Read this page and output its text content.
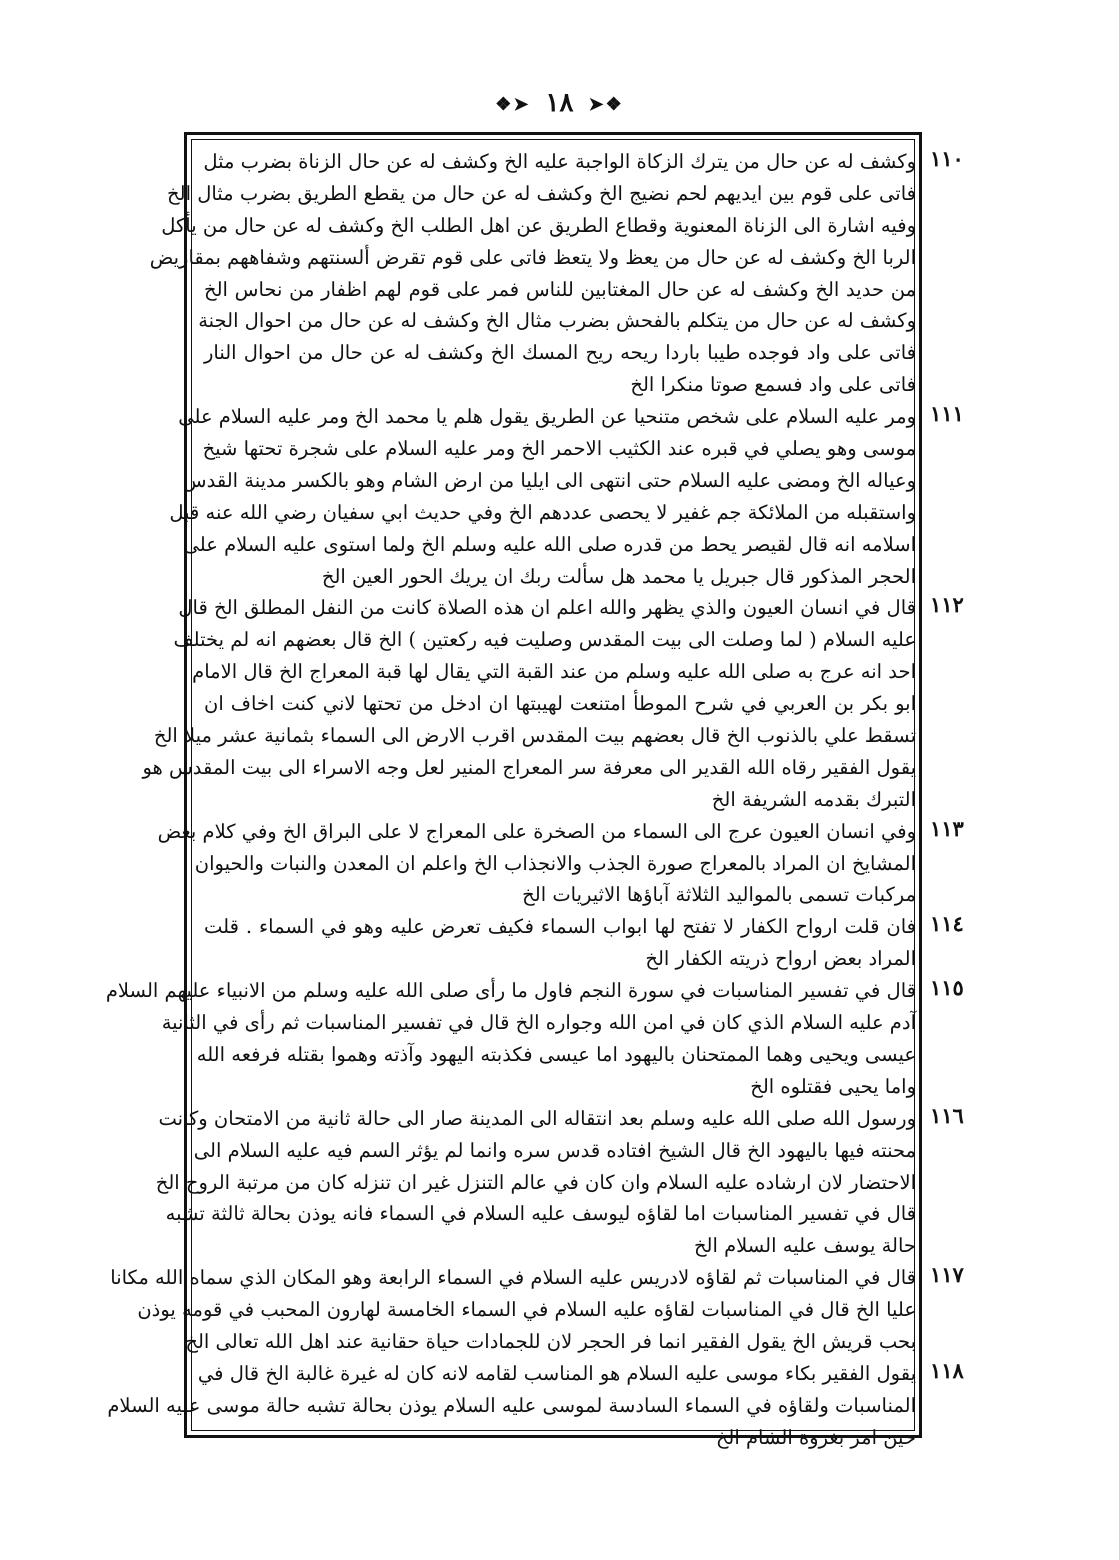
❖➤ ١٨ ➤❖
١١٠
وكشف له عن حال من يترك الزكاة الواجبة عليه الخ وكشف له عن حال الزناة بضرب مثل
فاتى على قوم بين ايديهم لحم نضيج الخ وكشف له عن حال من يقطع الطريق بضرب مثال الخ
وفيه اشارة الى الزناة المعنوية وقطاع الطريق عن اهل الطلب الخ وكشف له عن حال من يأكل
الربا الخ وكشف له عن حال من يعظ ولا يتعظ فاتى على قوم تقرض ألسنتهم وشفاههم بمقاريض
من حديد الخ وكشف له عن حال المغتابين للناس فمر على قوم لهم اظفار من نحاس الخ
وكشف له عن حال من يتكلم بالفحش بضرب مثال الخ وكشف له عن حال من احوال الجنة
فاتى على واد فوجده طيبا باردا ريحه ريح المسك الخ وكشف له عن حال من احوال النار
فاتى على واد فسمع صوتا منكرا الخ
١١١
ومر عليه السلام على شخص متنحيا عن الطريق يقول هلم يا محمد الخ ومر عليه السلام على
موسى وهو يصلي في قبره عند الكثيب الاحمر الخ ومر عليه السلام على شجرة تحتها شيخ
وعياله الخ ومضى عليه السلام حتى انتهى الى ايليا من ارض الشام وهو بالكسر مدينة القدس
واستقبله من الملائكة جم غفير لا يحصى عددهم الخ وفي حديث ابي سفيان رضي الله عنه قبل
اسلامه انه قال لقيصر يحط من قدره صلى الله عليه وسلم الخ ولما استوى عليه السلام على
الحجر المذكور قال جبريل يا محمد هل سألت ربك ان يريك الحور العين الخ
١١٢
قال في انسان العيون والذي يظهر والله اعلم ان هذه الصلاة كانت من النفل المطلق الخ قال
عليه السلام ( لما وصلت الى بيت المقدس وصليت فيه ركعتين ) الخ قال بعضهم انه لم يختلف
احد انه عرج به صلى الله عليه وسلم من عند القبة التي يقال لها قبة المعراج الخ قال الامام
ابو بكر بن العربي في شرح الموطأ امتنعت لهيبتها ان ادخل من تحتها لاني كنت اخاف ان
تسقط علي بالذنوب الخ قال بعضهم بيت المقدس اقرب الارض الى السماء بثمانية عشر ميلا الخ
يقول الفقير رقاه الله القدير الى معرفة سر المعراج المنير لعل وجه الاسراء الى بيت المقدس هو
التبرك بقدمه الشريفة الخ
١١٣
وفي انسان العيون عرج الى السماء من الصخرة على المعراج لا على البراق الخ وفي كلام بعض
المشايخ ان المراد بالمعراج صورة الجذب والانجذاب الخ واعلم ان المعدن والنبات والحيوان
مركبات تسمى بالمواليد الثلاثة آباؤها الاثيريات الخ
١١٤
فان قلت ارواح الكفار لا تفتح لها ابواب السماء فكيف تعرض عليه وهو في السماء . قلت
المراد بعض ارواح ذريته الكفار الخ
١١٥
قال في تفسير المناسبات في سورة النجم فاول ما رأى صلى الله عليه وسلم من الانبياء عليهم السلام
آدم عليه السلام الذي كان في امن الله وجواره الخ قال في تفسير المناسبات ثم رأى في الثانية
عيسى ويحيى وهما الممتحنان باليهود اما عيسى فكذبته اليهود وآذته وهموا بقتله فرفعه الله
واما يحيى فقتلوه الخ
١١٦
ورسول الله صلى الله عليه وسلم بعد انتقاله الى المدينة صار الى حالة ثانية من الامتحان وكانت
محنته فيها باليهود الخ قال الشيخ افتاده قدس سره وانما لم يؤثر السم فيه عليه السلام الى
الاحتضار لان ارشاده عليه السلام وان كان في عالم التنزل غير ان تنزله كان من مرتبة الروح الخ
قال في تفسير المناسبات اما لقاؤه ليوسف عليه السلام في السماء فانه يوذن بحالة ثالثة تشبه
حالة يوسف عليه السلام الخ
١١٧
قال في المناسبات ثم لقاؤه لادريس عليه السلام في السماء الرابعة وهو المكان الذي سماه الله مكانا
عليا الخ قال في المناسبات لقاؤه عليه السلام في السماء الخامسة لهارون المحبب في قومه يوذن
بحب قريش الخ يقول الفقير انما فر الحجر لان للجمادات حياة حقانية عند اهل الله تعالى الخ
١١٨
يقول الفقير بكاء موسى عليه السلام هو المناسب لقامه لانه كان له غيرة غالبة الخ قال في
المناسبات ولقاؤه في السماء السادسة لموسى عليه السلام يوذن بحالة تشبه حالة موسى عليه السلام
حين امر بغزوة الشام الخ
